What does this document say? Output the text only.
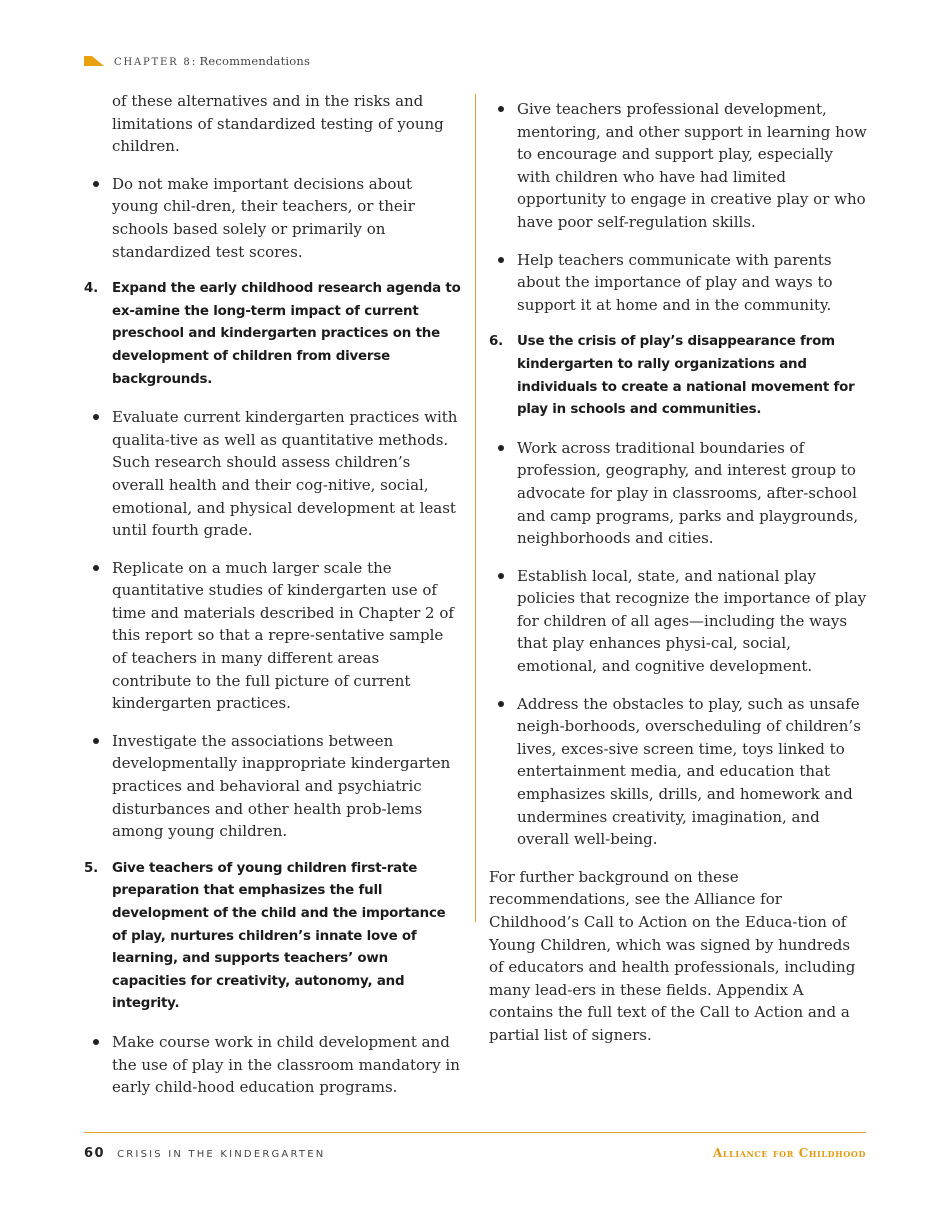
CHAPTER 8: Recommendations

of these alternatives and in the risks and limitations of standardized testing of young children.

Do not make important decisions about young chil-dren, their teachers, or their schools based solely or primarily on standardized test scores.
4. Expand the early childhood research agenda to ex-amine the long-term impact of current preschool and kindergarten practices on the development of children from diverse backgrounds.
Evaluate current kindergarten practices with qualita-tive as well as quantitative methods. Such research should assess children’s overall health and their cog-nitive, social, emotional, and physical development at least until fourth grade.
Replicate on a much larger scale the quantitative studies of kindergarten use of time and materials described in Chapter 2 of this report so that a repre-sentative sample of teachers in many different areas contribute to the full picture of current kindergarten practices.
Investigate the associations between developmentally inappropriate kindergarten practices and behavioral and psychiatric disturbances and other health prob-lems among young children.
5. Give teachers of young children first-rate preparation that emphasizes the full development of the child and the importance of play, nurtures children’s innate love of learning, and supports teachers’ own capacities for creativity, autonomy, and integrity.
Make course work in child development and the use of play in the classroom mandatory in early child-hood education programs.
Give teachers professional development, mentoring, and other support in learning how to encourage and support play, especially with children who have had limited opportunity to engage in creative play or who have poor self-regulation skills.
Help teachers communicate with parents about the importance of play and ways to support it at home and in the community.
6. Use the crisis of play’s disappearance from kindergarten to rally organizations and individuals to create a national movement for play in schools and communities.
Work across traditional boundaries of profession, geography, and interest group to advocate for play in classrooms, after-school and camp programs, parks and playgrounds, neighborhoods and cities.
Establish local, state, and national play policies that recognize the importance of play for children of all ages—including the ways that play enhances physi-cal, social, emotional, and cognitive development.
Address the obstacles to play, such as unsafe neigh-borhoods, overscheduling of children’s lives, exces-sive screen time, toys linked to entertainment media, and education that emphasizes skills, drills, and homework and undermines creativity, imagination, and overall well-being.

For further background on these recommendations, see the Alliance for Childhood’s Call to Action on the Educa-tion of Young Children, which was signed by hundreds of educators and health professionals, including many lead-ers in these fields. Appendix A contains the full text of the Call to Action and a partial list of signers.

60 CRISIS IN THE KINDERGARTEN	Alliance for Childhood
